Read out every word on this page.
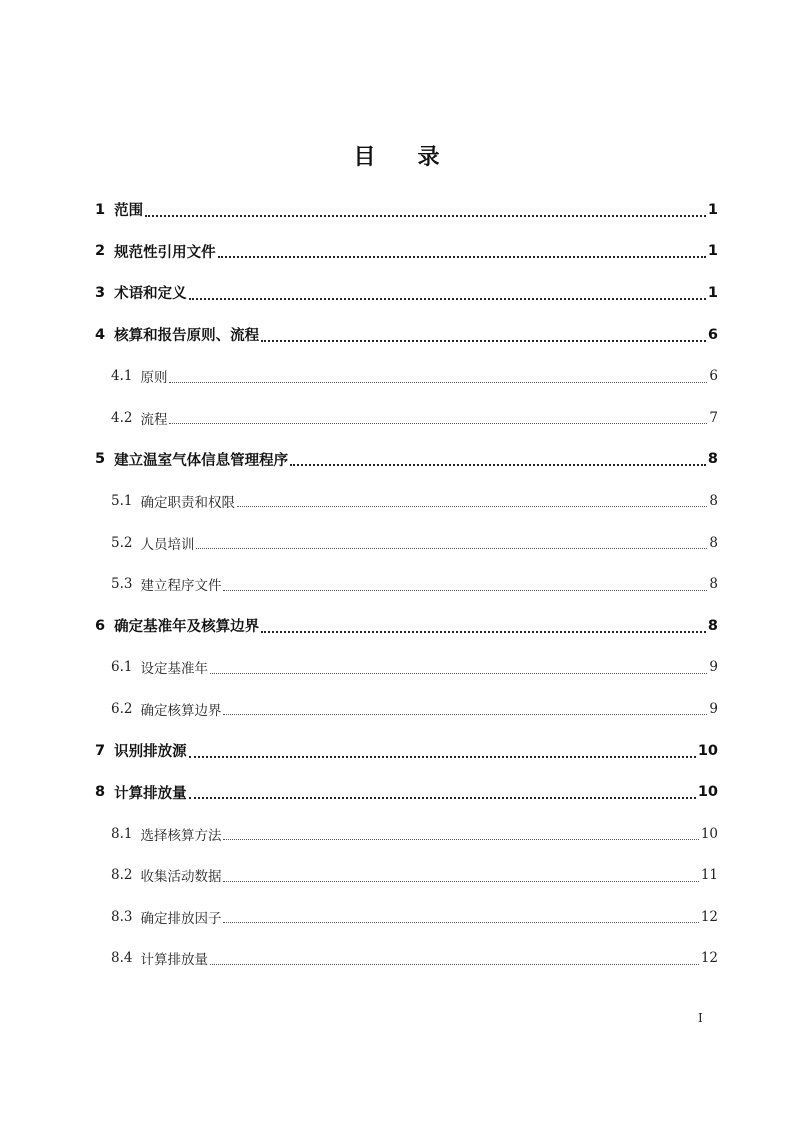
目 录
1 范围	1
2 规范性引用文件	1
3 术语和定义	1
4 核算和报告原则、流程	6
4.1 原则	6
4.2 流程	7
5 建立温室气体信息管理程序	8
5.1 确定职责和权限	8
5.2 人员培训	8
5.3 建立程序文件	8
6 确定基准年及核算边界	8
6.1 设定基准年	9
6.2 确定核算边界	9
7 识别排放源	10
8 计算排放量	10
8.1 选择核算方法	10
8.2 收集活动数据	11
8.3 确定排放因子	12
8.4 计算排放量	12
I
